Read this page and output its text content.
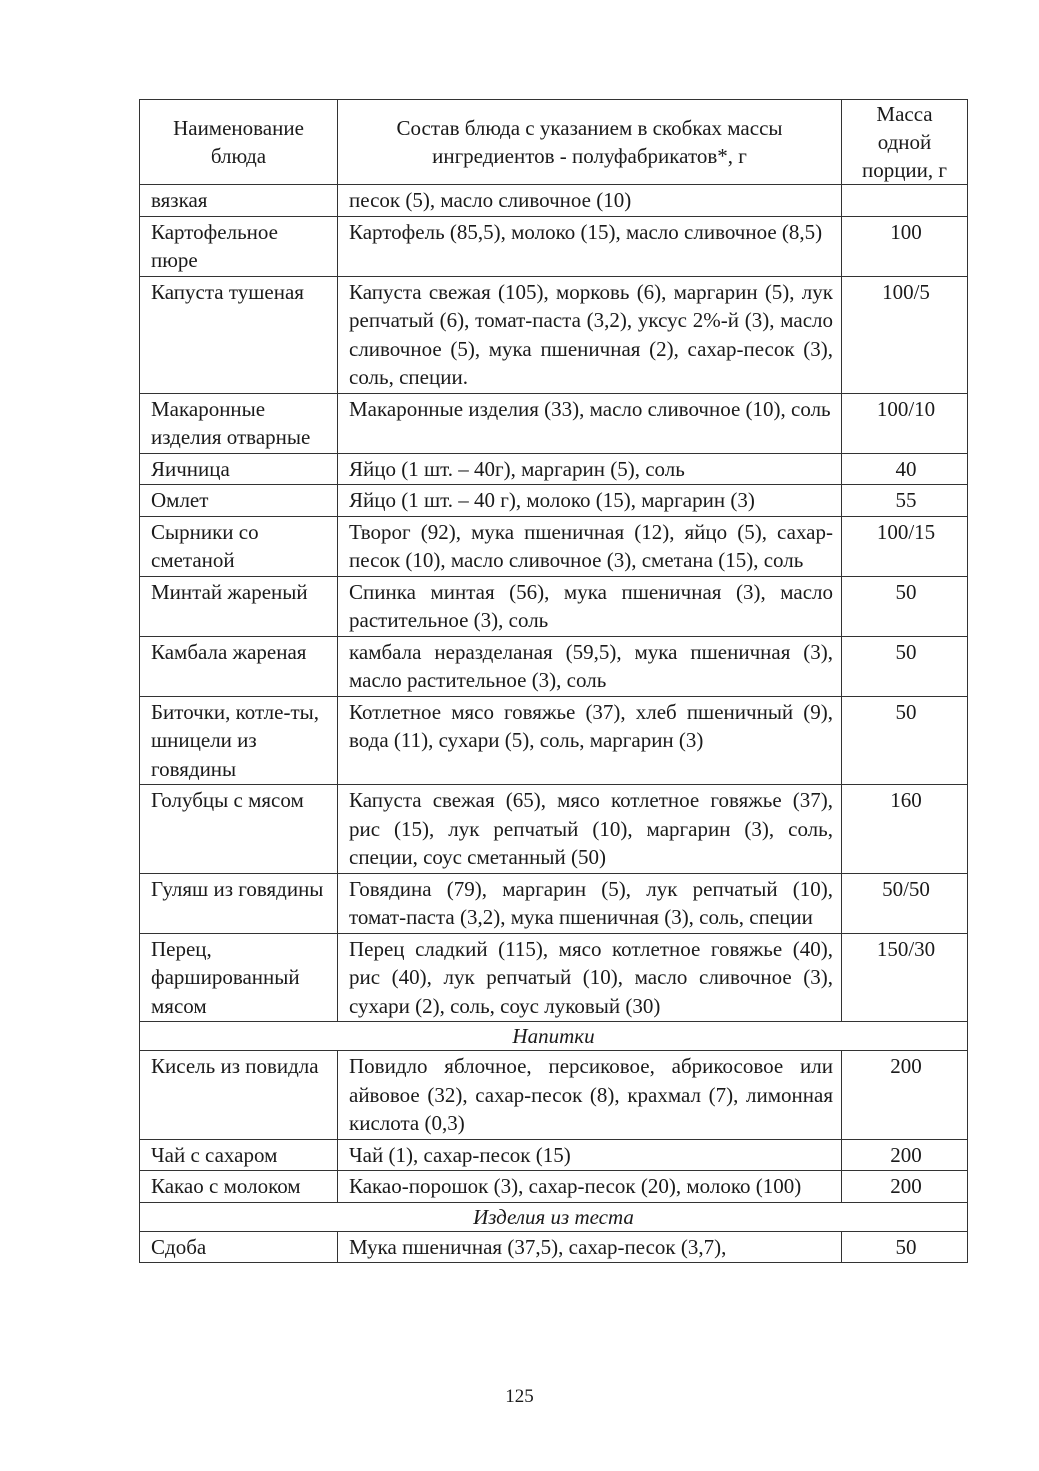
Наименование блюда	Состав блюда с указанием в скобках массы ингредиентов - полуфабрикатов*, г	Масса одной порции, г
вязкая	песок (5), масло сливочное (10)	
Картофельное пюре	Картофель (85,5), молоко (15), масло сливочное (8,5)	100
Капуста тушеная	Капуста свежая (105), морковь (6), маргарин (5), лук репчатый (6), томат-паста (3,2), уксус 2%-й (3), масло сливочное (5), мука пшеничная (2), сахар-песок (3), соль, специи.	100/5
Макаронные изделия отварные	Макаронные изделия (33), масло сливочное (10), соль	100/10
Яичница	Яйцо (1 шт. – 40г), маргарин (5), соль	40
Омлет	Яйцо (1 шт. – 40 г), молоко (15), маргарин (3)	55
Сырники со сметаной	Творог (92), мука пшеничная (12), яйцо (5), сахар-песок (10), масло сливочное (3), сметана (15), соль	100/15
Минтай жареный	Спинка минтая (56), мука пшеничная (3), масло растительное (3), соль	50
Камбала жареная	камбала неразделаная (59,5), мука пшеничная (3), масло растительное (3), соль	50
Биточки, котле-ты, шницели из говядины	Котлетное мясо говяжье (37), хлеб пшеничный (9), вода (11), сухари (5), соль, маргарин (3)	50
Голубцы с мясом	Капуста свежая (65), мясо котлетное говяжье (37), рис (15), лук репчатый (10), маргарин (3), соль, специи, соус сметанный (50)	160
Гуляш из говядины	Говядина (79), маргарин (5), лук репчатый (10), томат-паста (3,2), мука пшеничная (3), соль, специи	50/50
Перец, фаршированный мясом	Перец сладкий (115), мясо котлетное говяжье (40), рис (40), лук репчатый (10), масло сливочное (3), сухари (2), соль, соус луковый (30)	150/30
Напитки		
Кисель из повидла	Повидло яблочное, персиковое, абрикосовое или айвовое (32), сахар-песок (8), крахмал (7), лимонная кислота (0,3)	200
Чай с сахаром	Чай (1), сахар-песок (15)	200
Какао с молоком	Какао-порошок (3), сахар-песок (20), молоко (100)	200
Изделия из теста		
Сдоба	Мука пшеничная (37,5), сахар-песок (3,7),	50
125
